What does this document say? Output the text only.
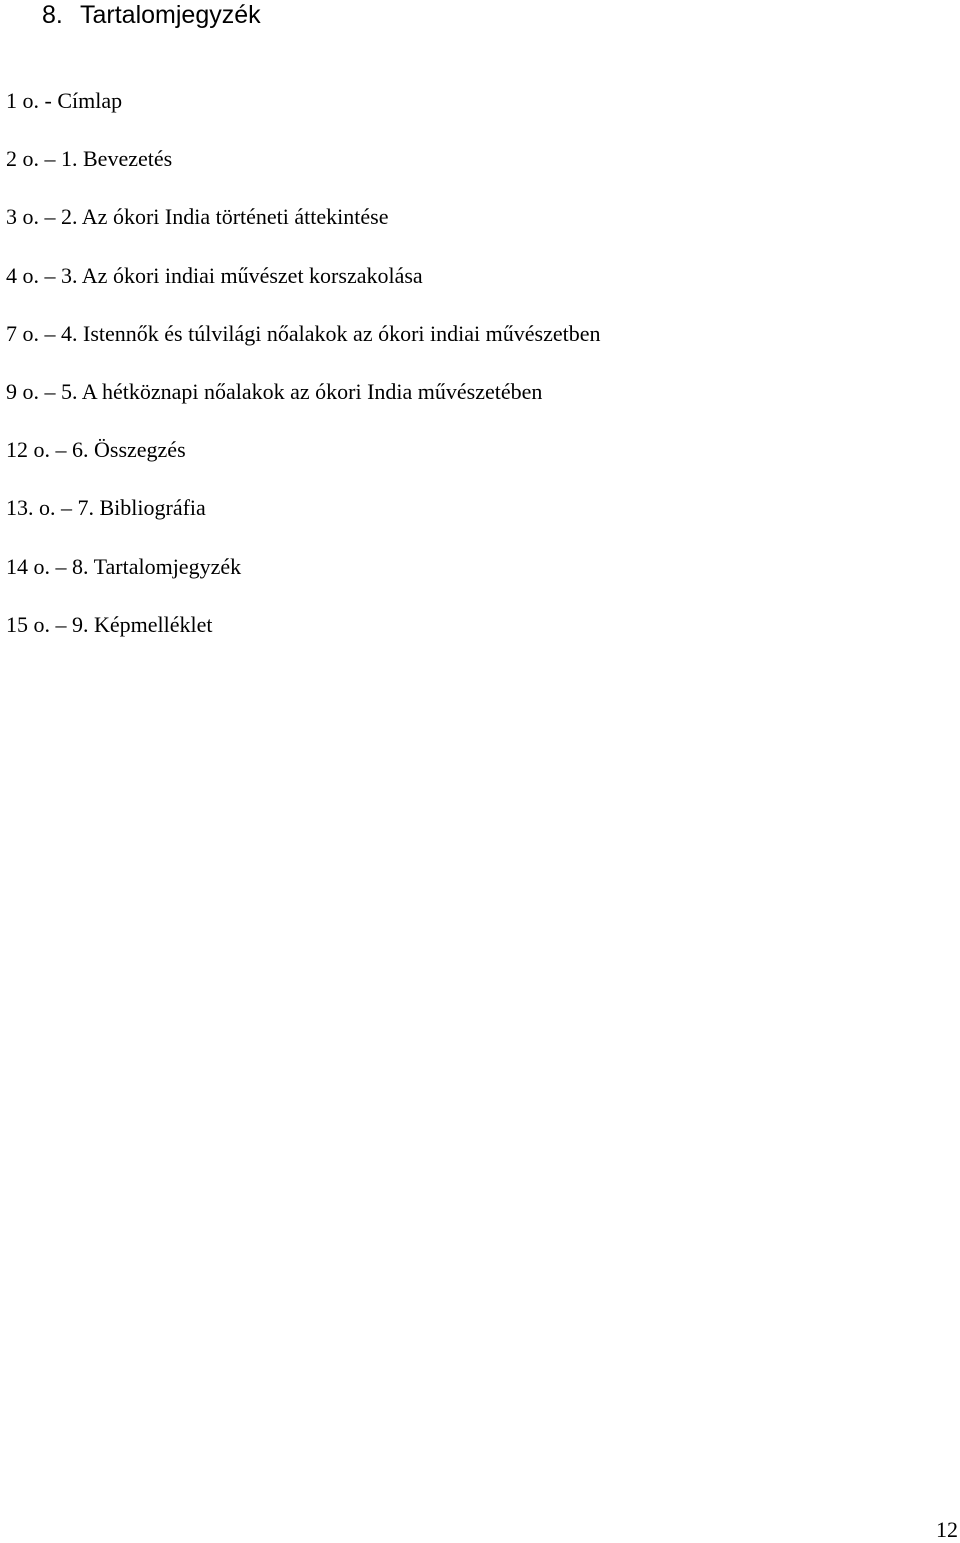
8. Tartalomjegyzék
1 o. - Címlap
2 o. – 1. Bevezetés
3 o. – 2. Az ókori India történeti áttekintése
4 o. – 3. Az ókori indiai művészet korszakolása
7 o. – 4. Istennők és túlvilági nőalakok az ókori indiai művészetben
9 o. – 5. A hétköznapi nőalakok az ókori India művészetében
12 o. – 6. Összegzés
13. o. – 7. Bibliográfia
14 o. – 8. Tartalomjegyzék
15 o. – 9. Képmelléklet
12
